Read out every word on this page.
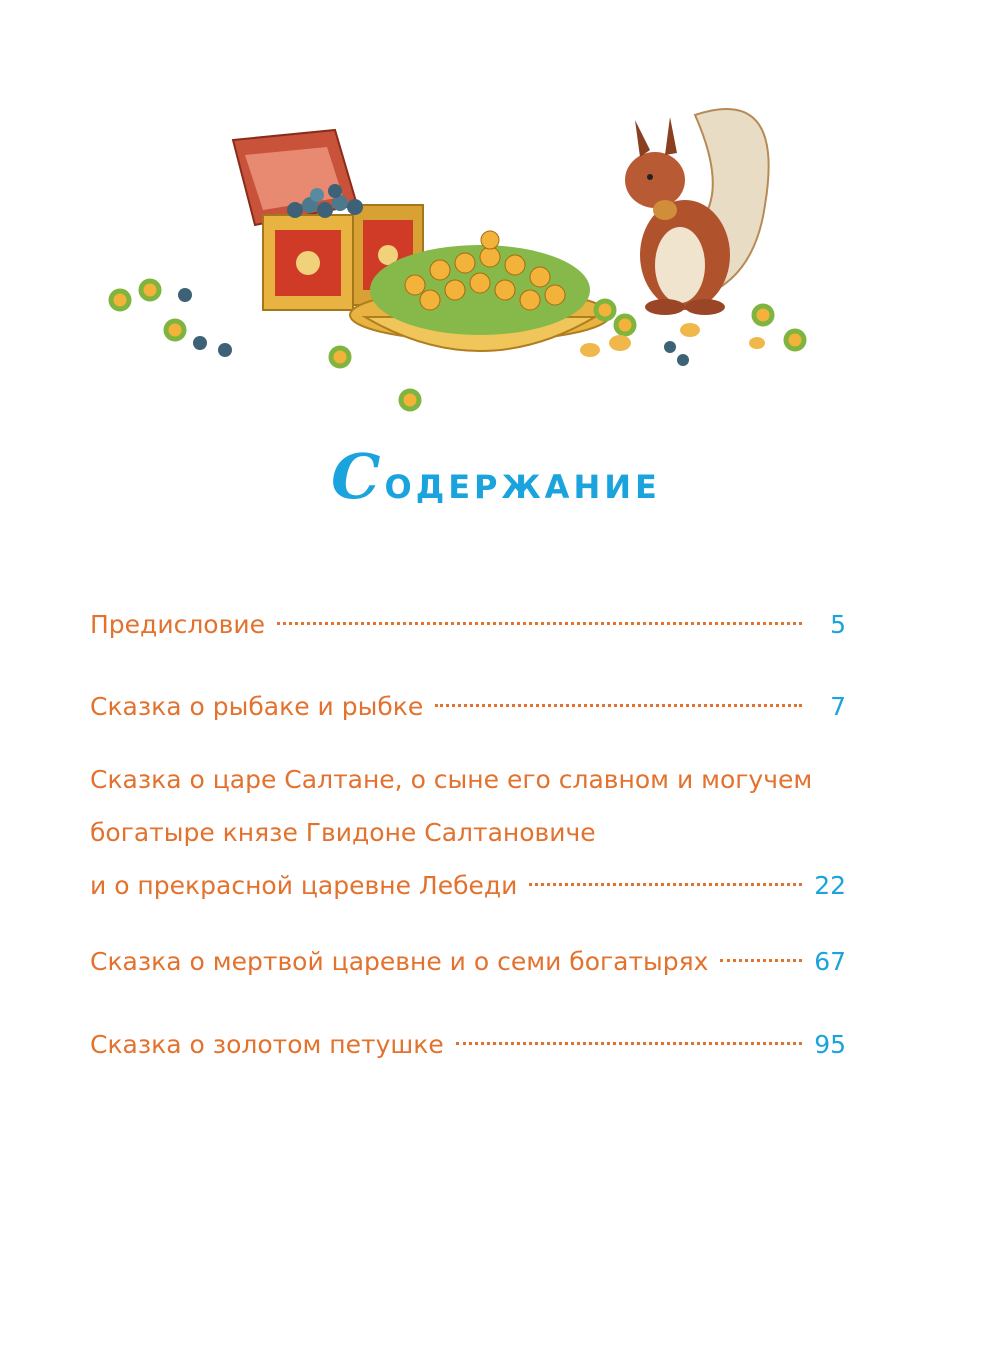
Содержание
Предисловие	5
Сказка о рыбаке и рыбке	7
Сказка о царе Салтане, о сыне его славном и могучем
богатыре князе Гвидоне Салтановиче
и о прекрасной царевне Лебеди	22
Сказка о мертвой царевне и о семи богатырях	67
Сказка о золотом петушке	95
